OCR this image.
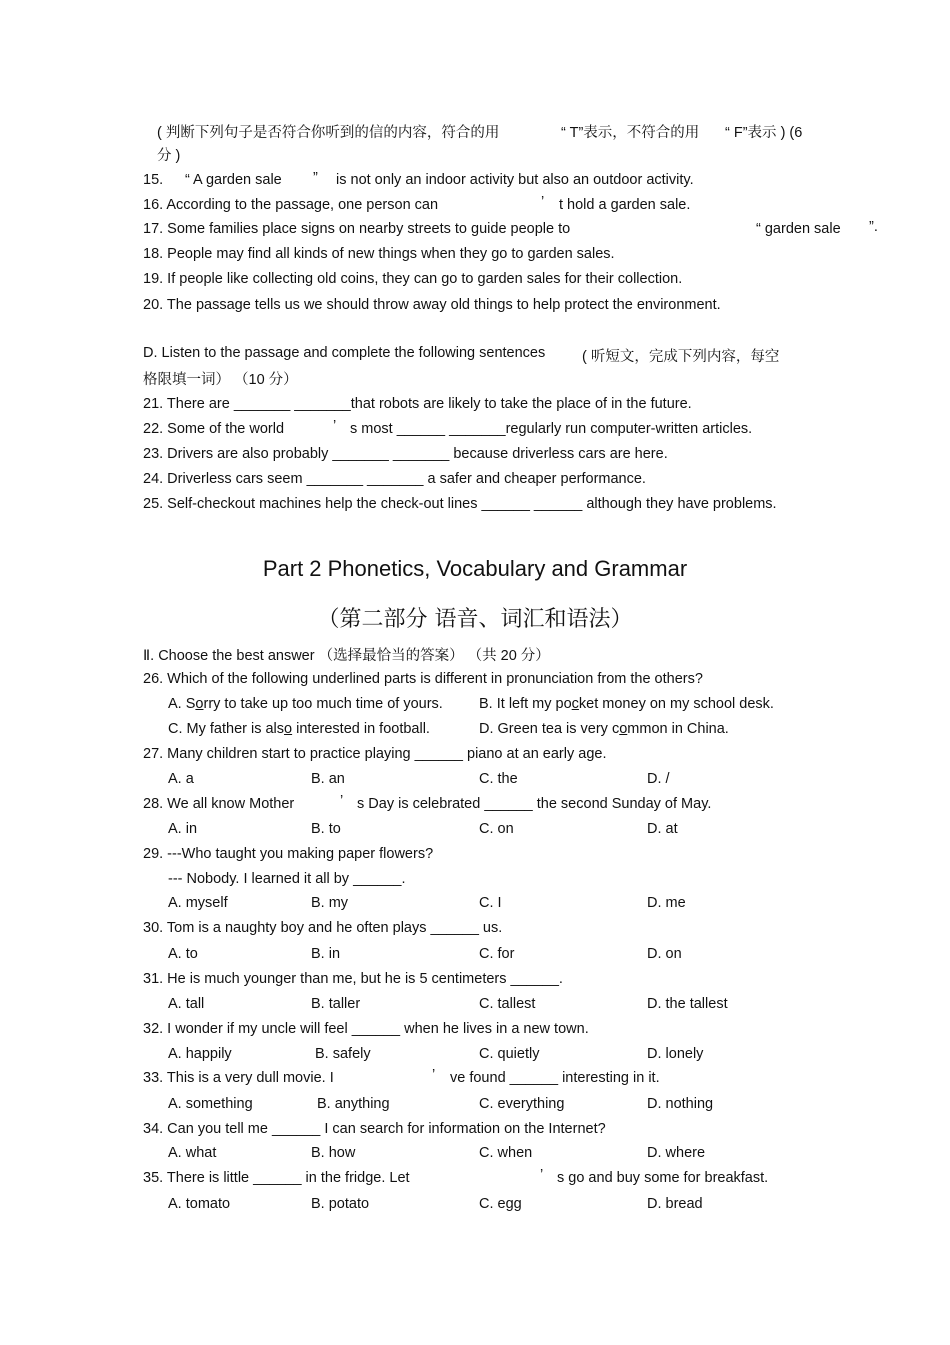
( 判断下列句子是否符合你听到的信的内容，符合的用	“ T”表示，不符合的用 “ F”表示 ) (6
分 )
15. “ A garden sale ” is not only an indoor activity but also an outdoor activity.
16. According to the passage, one person can	’ t hold a garden sale.
17. Some families place signs on nearby streets to guide people to	“ garden sale ”.
18. People may find all kinds of new things when they go to garden sales.
19. If people like collecting old coins, they can go to garden sales for their collection.
20. The passage tells us we should throw away old things to help protect the environment.
D. Listen to the passage and complete the following sentences	( 听短文，完成下列内容，每空
格限填一词） （10 分）
21. There are _______ _______that robots are likely to take the place of in the future.
22. Some of the world	’ s most ______ _______regularly run computer-written articles.
23. Drivers are also probably _______ _______ because driverless cars are here.
24. Driverless cars seem _______ _______ a safer and cheaper performance.
25. Self-checkout machines help the check-out lines ______ ______ although they have problems.
Part 2 Phonetics, Vocabulary and Grammar
（第二部分 语音、词汇和语法）
Ⅱ. Choose the best answer （选择最恰当的答案） （共 20 分）
26. Which of the following underlined parts is different in pronunciation from the others?
A. Sorry to take up too much time of yours. B. It left my pocket money on my school desk.
C. My father is also interested in football.	D. Green tea is very common in China.
27. Many children start to practice playing ______ piano at an early age.
A. a	B. an	C. the	D. /
28. We all know Mother	’ s Day is celebrated ______ the second Sunday of May.
A. in	B. to	C. on	D. at
29. ---Who taught you making paper flowers?
--- Nobody. I learned it all by ______.
A. myself	B. my	C. I	D. me
30. Tom is a naughty boy and he often plays ______ us.
A. to	B. in	C. for	D. on
31. He is much younger than me, but he is 5 centimeters ______.
A. tall	B. taller	C. tallest	D. the tallest
32. I wonder if my uncle will feel ______ when he lives in a new town.
A. happily	B. safely	C. quietly	D. lonely
33. This is a very dull movie. I	’ ve found ______ interesting in it.
A. something	B. anything	C. everything	D. nothing
34. Can you tell me ______ I can search for information on the Internet?
A. what	B. how	C. when	D. where
35. There is little ______ in the fridge. Let	’ s go and buy some for breakfast.
A. tomato	B. potato	C. egg	D. bread
